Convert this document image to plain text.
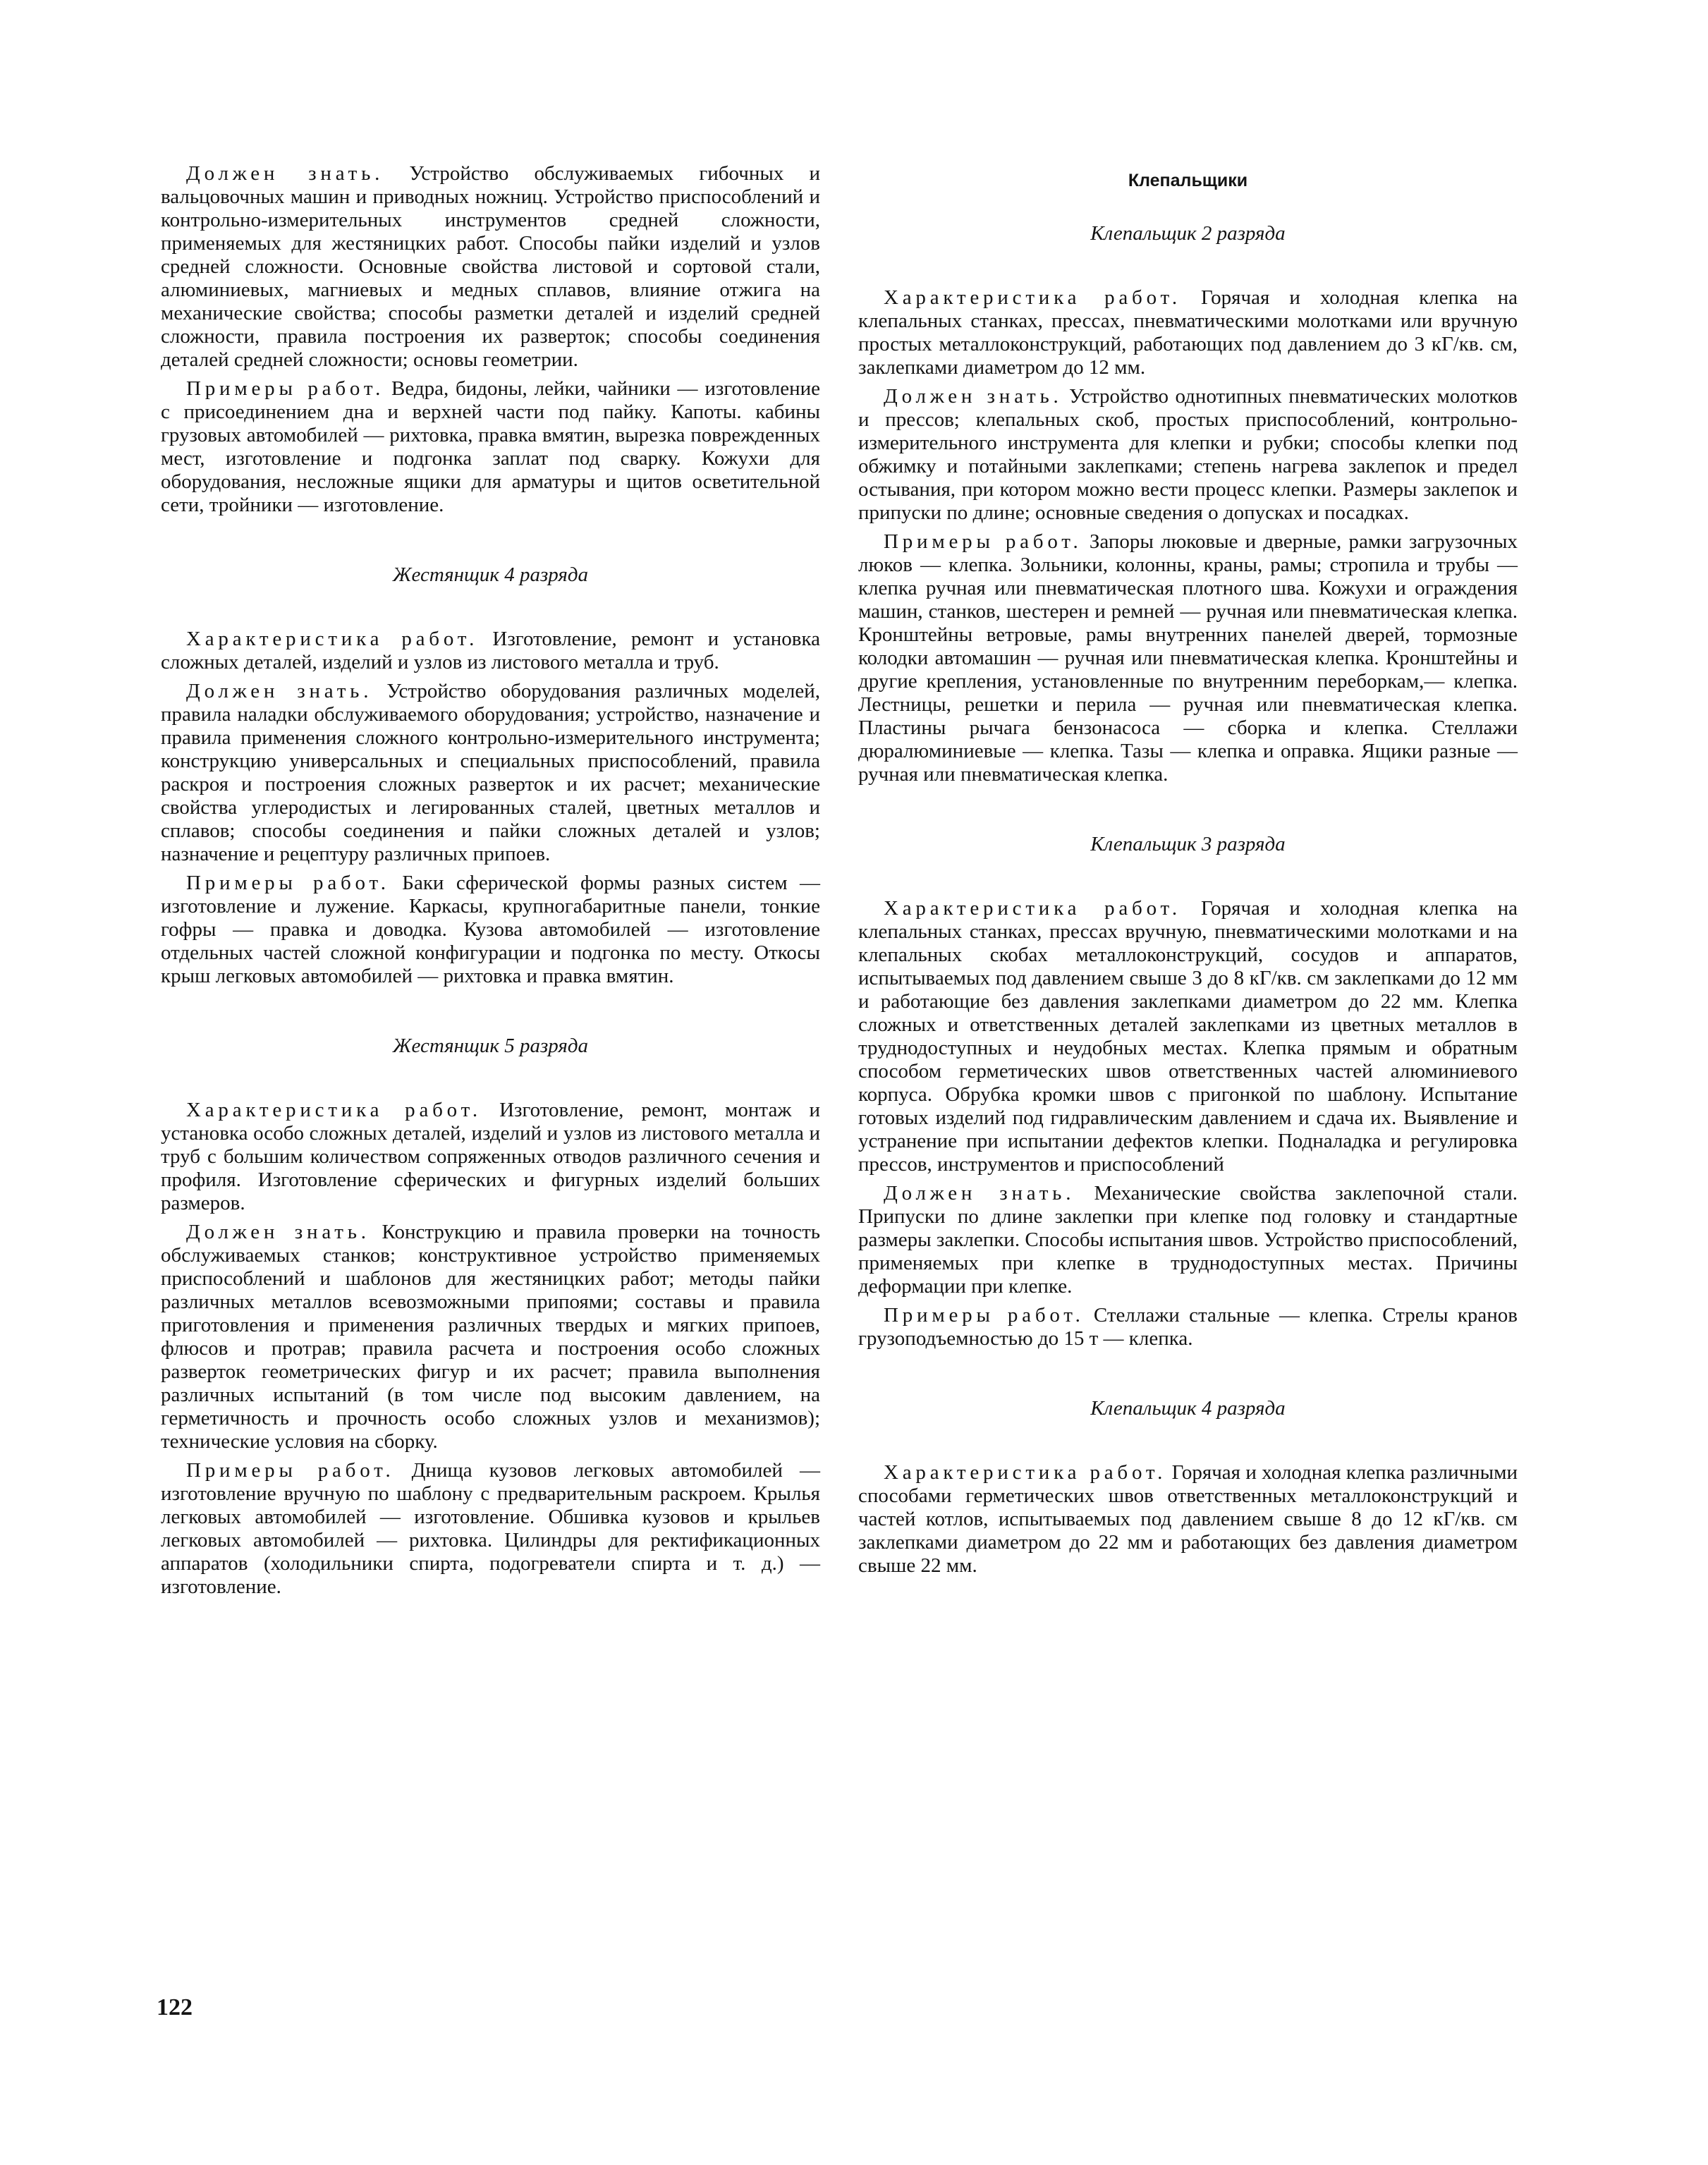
Должен знать. Устройство обслуживаемых гибочных и вальцовочных машин и приводных ножниц. Устройство приспособлений и контрольно-измерительных инструментов средней сложности, применяемых для жестяницких работ. Способы пайки изделий и узлов средней сложности. Основные свойства листовой и сортовой стали, алюминиевых, магниевых и медных сплавов, влияние отжига на механические свойства; способы разметки деталей и изделий средней сложности, правила построения их разверток; способы соединения деталей средней сложности; основы геометрии.

Примеры работ. Ведра, бидоны, лейки, чайники — изготовление с присоединением дна и верхней части под пайку. Капоты. кабины грузовых автомобилей — рихтовка, правка вмятин, вырезка поврежденных мест, изготовление и подгонка заплат под сварку. Кожухи для оборудования, несложные ящики для арматуры и щитов осветительной сети, тройники — изготовление.

Жестянщик 4 разряда

Характеристика работ. Изготовление, ремонт и установка сложных деталей, изделий и узлов из листового металла и труб.

Должен знать. Устройство оборудования различных моделей, правила наладки обслуживаемого оборудования; устройство, назначение и правила применения сложного контрольно-измерительного инструмента; конструкцию универсальных и специальных приспособлений, правила раскроя и построения сложных разверток и их расчет; механические свойства углеродистых и легированных сталей, цветных металлов и сплавов; способы соединения и пайки сложных деталей и узлов; назначение и рецептуру различных припоев.

Примеры работ. Баки сферической формы разных систем — изготовление и лужение. Каркасы, крупногабаритные панели, тонкие гофры — правка и доводка. Кузова автомобилей — изготовление отдельных частей сложной конфигурации и подгонка по месту. Откосы крыш легковых автомобилей — рихтовка и правка вмятин.

Жестянщик 5 разряда

Характеристика работ. Изготовление, ремонт, монтаж и установка особо сложных деталей, изделий и узлов из листового металла и труб с большим количеством сопряженных отводов различного сечения и профиля. Изготовление сферических и фигурных изделий больших размеров.

Должен знать. Конструкцию и правила проверки на точность обслуживаемых станков; конструктивное устройство применяемых приспособлений и шаблонов для жестяницких работ; методы пайки различных металлов всевозможными припоями; составы и правила приготовления и применения различных твердых и мягких припоев, флюсов и протрав; правила расчета и построения особо сложных разверток геометрических фигур и их расчет; правила выполнения различных испытаний (в том числе под высоким давлением, на герметичность и прочность особо сложных узлов и механизмов); технические условия на сборку.

Примеры работ. Днища кузовов легковых автомобилей — изготовление вручную по шаблону с предварительным раскроем. Крылья легковых автомобилей — изготовление. Обшивка кузовов и крыльев легковых автомобилей — рихтовка. Цилиндры для ректификационных аппаратов (холодильники спирта, подогреватели спирта и т. д.) — изготовление.

Клепальщики

Клепальщик 2 разряда

Характеристика работ. Горячая и холодная клепка на клепальных станках, прессах, пневматическими молотками или вручную простых металлоконструкций, работающих под давлением до 3 кГ/кв. см, заклепками диаметром до 12 мм.

Должен знать. Устройство однотипных пневматических молотков и прессов; клепальных скоб, простых приспособлений, контрольно-измерительного инструмента для клепки и рубки; способы клепки под обжимку и потайными заклепками; степень нагрева заклепок и предел остывания, при котором можно вести процесс клепки. Размеры заклепок и припуски по длине; основные сведения о допусках и посадках.

Примеры работ. Запоры люковые и дверные, рамки загрузочных люков — клепка. Зольники, колонны, краны, рамы; стропила и трубы — клепка ручная или пневматическая плотного шва. Кожухи и ограждения машин, станков, шестерен и ремней — ручная или пневматическая клепка. Кронштейны ветровые, рамы внутренних панелей дверей, тормозные колодки автомашин — ручная или пневматическая клепка. Кронштейны и другие крепления, установленные по внутренним переборкам,— клепка. Лестницы, решетки и перила — ручная или пневматическая клепка. Пластины рычага бензонасоса — сборка и клепка. Стеллажи дюралюминиевые — клепка. Тазы — клепка и оправка. Ящики разные — ручная или пневматическая клепка.

Клепальщик 3 разряда

Характеристика работ. Горячая и холодная клепка на клепальных станках, прессах вручную, пневматическими молотками и на клепальных скобах металлоконструкций, сосудов и аппаратов, испытываемых под давлением свыше 3 до 8 кГ/кв. см заклепками до 12 мм и работающие без давления заклепками диаметром до 22 мм. Клепка сложных и ответственных деталей заклепками из цветных металлов в труднодоступных и неудобных местах. Клепка прямым и обратным способом герметических швов ответственных частей алюминиевого корпуса. Обрубка кромки швов с пригонкой по шаблону. Испытание готовых изделий под гидравлическим давлением и сдача их. Выявление и устранение при испытании дефектов клепки. Подналадка и регулировка прессов, инструментов и приспособлений

Должен знать. Механические свойства заклепочной стали. Припуски по длине заклепки при клепке под головку и стандартные размеры заклепки. Способы испытания швов. Устройство приспособлений, применяемых при клепке в труднодоступных местах. Причины деформации при клепке.

Примеры работ. Стеллажи стальные — клепка. Стрелы кранов грузоподъемностью до 15 т — клепка.

Клепальщик 4 разряда

Характеристика работ. Горячая и холодная клепка различными способами герметических швов ответственных металлоконструкций и частей котлов, испытываемых под давлением свыше 8 до 12 кГ/кв. см заклепками диаметром до 22 мм и работающих без давления диаметром свыше 22 мм.

122
